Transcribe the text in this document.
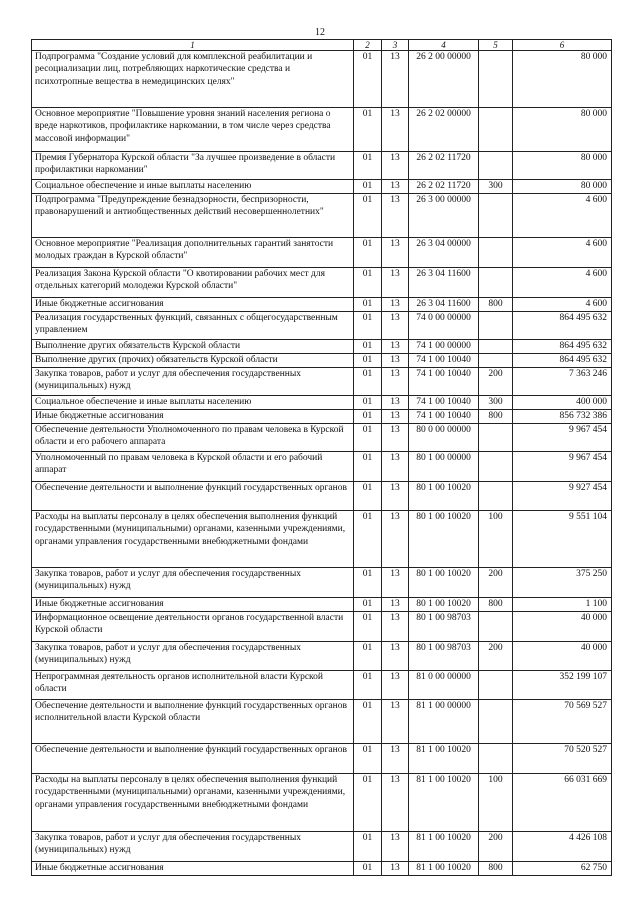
12
1	2	3	4	5	6
Подпрограмма "Создание условий для комплексной реабилитации и ресоциализации лиц, потребляющих наркотические средства и психотропные вещества в немедицинских целях"	01	13	26 2 00 00000		80 000
Основное мероприятие "Повышение уровня знаний населения региона о вреде наркотиков, профилактике наркомании, в том числе через средства массовой информации"	01	13	26 2 02 00000		80 000
Премия Губернатора Курской области "За лучшее произведение в области профилактики наркомании"	01	13	26 2 02 11720		80 000
Социальное обеспечение и иные выплаты населению	01	13	26 2 02 11720	300	80 000
Подпрограмма "Предупреждение безнадзорности, беспризорности, правонарушений и антиобщественных действий несовершеннолетних"	01	13	26 3 00 00000		4 600
Основное мероприятие "Реализация дополнительных гарантий занятости молодых граждан в Курской области"	01	13	26 3 04 00000		4 600
Реализация Закона Курской области "О квотировании рабочих мест для отдельных категорий молодежи Курской области"	01	13	26 3 04 11600		4 600
Иные бюджетные ассигнования	01	13	26 3 04 11600	800	4 600
Реализация государственных функций, связанных с общегосударственным управлением	01	13	74 0 00 00000		864 495 632
Выполнение других обязательств Курской области	01	13	74 1 00 00000		864 495 632
Выполнение других (прочих) обязательств Курской области	01	13	74 1 00 10040		864 495 632
Закупка товаров, работ и услуг для обеспечения государственных (муниципальных) нужд	01	13	74 1 00 10040	200	7 363 246
Социальное обеспечение и иные выплаты населению	01	13	74 1 00 10040	300	400 000
Иные бюджетные ассигнования	01	13	74 1 00 10040	800	856 732 386
Обеспечение деятельности Уполномоченного по правам человека в Курской области и его рабочего аппарата	01	13	80 0 00 00000		9 967 454
Уполномоченный по правам человека в Курской области и его рабочий аппарат	01	13	80 1 00 00000		9 967 454
Обеспечение деятельности и выполнение функций государственных органов	01	13	80 1 00 10020		9 927 454
Расходы на выплаты персоналу в целях обеспечения выполнения функций государственными (муниципальными) органами, казенными учреждениями, органами управления государственными внебюджетными фондами	01	13	80 1 00 10020	100	9 551 104
Закупка товаров, работ и услуг для обеспечения государственных (муниципальных) нужд	01	13	80 1 00 10020	200	375 250
Иные бюджетные ассигнования	01	13	80 1 00 10020	800	1 100
Информационное освещение деятельности органов государственной власти Курской области	01	13	80 1 00 98703		40 000
Закупка товаров, работ и услуг для обеспечения государственных (муниципальных) нужд	01	13	80 1 00 98703	200	40 000
Непрограммная деятельность органов исполнительной власти Курской области	01	13	81 0 00 00000		352 199 107
Обеспечение деятельности и выполнение функций государственных органов исполнительной власти Курской области	01	13	81 1 00 00000		70 569 527
Обеспечение деятельности и выполнение функций государственных органов	01	13	81 1 00 10020		70 520 527
Расходы на выплаты персоналу в целях обеспечения выполнения функций государственными (муниципальными) органами, казенными учреждениями, органами управления государственными внебюджетными фондами	01	13	81 1 00 10020	100	66 031 669
Закупка товаров, работ и услуг для обеспечения государственных (муниципальных) нужд	01	13	81 1 00 10020	200	4 426 108
Иные бюджетные ассигнования	01	13	81 1 00 10020	800	62 750
